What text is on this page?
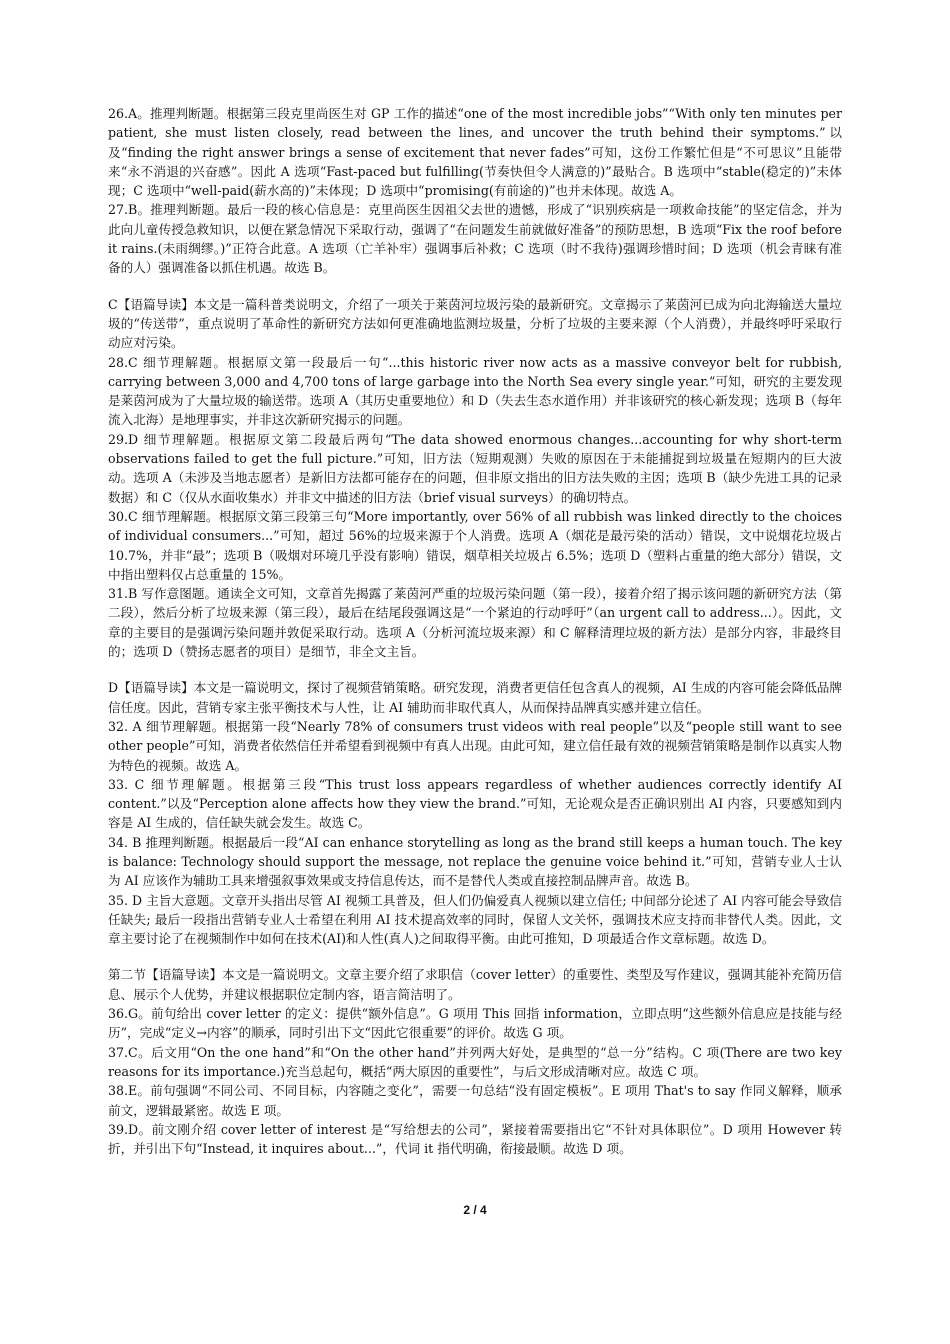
26.A。推理判断题。根据第三段克里尚医生对 GP 工作的描述“one of the most incredible jobs”“With only ten minutes per patient, she must listen closely, read between the lines, and uncover the truth behind their symptoms.”以及“finding the right answer brings a sense of excitement that never fades”可知，这份工作繁忙但是“不可思议”且能带来“永不消退的兴奋感”。因此 A 选项“Fast-paced but fulfilling(节奏快但令人满意的)”最贴合。B 选项中“stable(稳定的)”未体现；C 选项中“well-paid(薪水高的)”未体现；D 选项中“promising(有前途的)”也并未体现。故选 A。

27.B。推理判断题。最后一段的核心信息是：克里尚医生因祖父去世的遗憾，形成了“识别疾病是一项救命技能”的坚定信念，并为此向儿童传授急救知识，以便在紧急情况下采取行动，强调了“在问题发生前就做好准备”的预防思想，B 选项“Fix the roof before it rains.(未雨绸缪。)”正符合此意。A 选项（亡羊补牢）强调事后补救；C 选项（时不我待)强调珍惜时间；D 选项（机会青睐有准备的人）强调准备以抓住机遇。故选 B。

C【语篇导读】本文是一篇科普类说明文，介绍了一项关于莱茵河垃圾污染的最新研究。文章揭示了莱茵河已成为向北海输送大量垃圾的“传送带”，重点说明了革命性的新研究方法如何更准确地监测垃圾量，分析了垃圾的主要来源（个人消费），并最终呼吁采取行动应对污染。

28.C 细节理解题。根据原文第一段最后一句“...this historic river now acts as a massive conveyor belt for rubbish, carrying between 3,000 and 4,700 tons of large garbage into the North Sea every single year.”可知，研究的主要发现是莱茵河成为了大量垃圾的输送带。选项 A（其历史重要地位）和 D（失去生态水道作用）并非该研究的核心新发现；选项 B（每年流入北海）是地理事实，并非这次新研究揭示的问题。

29.D 细节理解题。根据原文第二段最后两句“The data showed enormous changes...accounting for why short-term observations failed to get the full picture.”可知，旧方法（短期观测）失败的原因在于未能捕捉到垃圾量在短期内的巨大波动。选项 A（未涉及当地志愿者）是新旧方法都可能存在的问题，但非原文指出的旧方法失败的主因；选项 B（缺少先进工具的记录数据）和 C（仅从水面收集水）并非文中描述的旧方法（brief visual surveys）的确切特点。

30.C 细节理解题。根据原文第三段第三句“More importantly, over 56% of all rubbish was linked directly to the choices of individual consumers...”可知，超过 56%的垃圾来源于个人消费。选项 A（烟花是最污染的活动）错误，文中说烟花垃圾占 10.7%，并非“最”；选项 B（吸烟对环境几乎没有影响）错误，烟草相关垃圾占 6.5%；选项 D（塑料占重量的绝大部分）错误，文中指出塑料仅占总重量的 15%。

31.B 写作意图题。通读全文可知，文章首先揭露了莱茵河严重的垃圾污染问题（第一段），接着介绍了揭示该问题的新研究方法（第二段），然后分析了垃圾来源（第三段），最后在结尾段强调这是“一个紧迫的行动呼吁”（an urgent call to address...）。因此，文章的主要目的是强调污染问题并敦促采取行动。选项 A（分析河流垃圾来源）和 C 解释清理垃圾的新方法）是部分内容，非最终目的；选项 D（赞扬志愿者的项目）是细节，非全文主旨。

D【语篇导读】本文是一篇说明文，探讨了视频营销策略。研究发现，消费者更信任包含真人的视频，AI 生成的内容可能会降低品牌信任度。因此，营销专家主张平衡技术与人性，让 AI 辅助而非取代真人，从而保持品牌真实感并建立信任。

32. A 细节理解题。根据第一段“Nearly 78% of consumers trust videos with real people”以及“people still want to see other people”可知，消费者依然信任并希望看到视频中有真人出现。由此可知，建立信任最有效的视频营销策略是制作以真实人物为特色的视频。故选 A。

33. C 细节理解题。根据第三段“This trust loss appears regardless of whether audiences correctly identify AI content.”以及“Perception alone affects how they view the brand.”可知，无论观众是否正确识别出 AI 内容，只要感知到内容是 AI 生成的，信任缺失就会发生。故选 C。

34. B 推理判断题。根据最后一段“AI can enhance storytelling as long as the brand still keeps a human touch. The key is balance: Technology should support the message, not replace the genuine voice behind it.”可知，营销专业人士认为 AI 应该作为辅助工具来增强叙事效果或支持信息传达，而不是替代人类或直接控制品牌声音。故选 B。

35. D 主旨大意题。文章开头指出尽管 AI 视频工具普及，但人们仍偏爱真人视频以建立信任; 中间部分论述了 AI 内容可能会导致信任缺失; 最后一段指出营销专业人士希望在利用 AI 技术提高效率的同时，保留人文关怀，强调技术应支持而非替代人类。因此，文章主要讨论了在视频制作中如何在技术(AI)和人性(真人)之间取得平衡。由此可推知，D 项最适合作文章标题。故选 D。

第二节【语篇导读】本文是一篇说明文。文章主要介绍了求职信（cover letter）的重要性、类型及写作建议，强调其能补充简历信息、展示个人优势，并建议根据职位定制内容，语言简洁明了。

36.G。前句给出 cover letter 的定义：提供“额外信息”。G 项用 This 回指 information，立即点明“这些额外信息应是技能与经历”，完成“定义→内容”的顺承，同时引出下文“因此它很重要”的评价。故选 G 项。

37.C。后文用“On the one hand”和“On the other hand”并列两大好处，是典型的“总一分”结构。C 项(There are two key reasons for its importance.)充当总起句，概括“两大原因的重要性”，与后文形成清晰对应。故选 C 项。

38.E。前句强调“不同公司、不同目标，内容随之变化”，需要一句总结“没有固定模板”。E 项用 That's to say 作同义解释，顺承前文，逻辑最紧密。故选 E 项。

39.D。前文刚介绍 cover letter of interest 是“写给想去的公司”，紧接着需要指出它“不针对具体职位”。D 项用 However 转折，并引出下句“Instead, it inquires about...”，代词 it 指代明确，衔接最顺。故选 D 项。

2 / 4
